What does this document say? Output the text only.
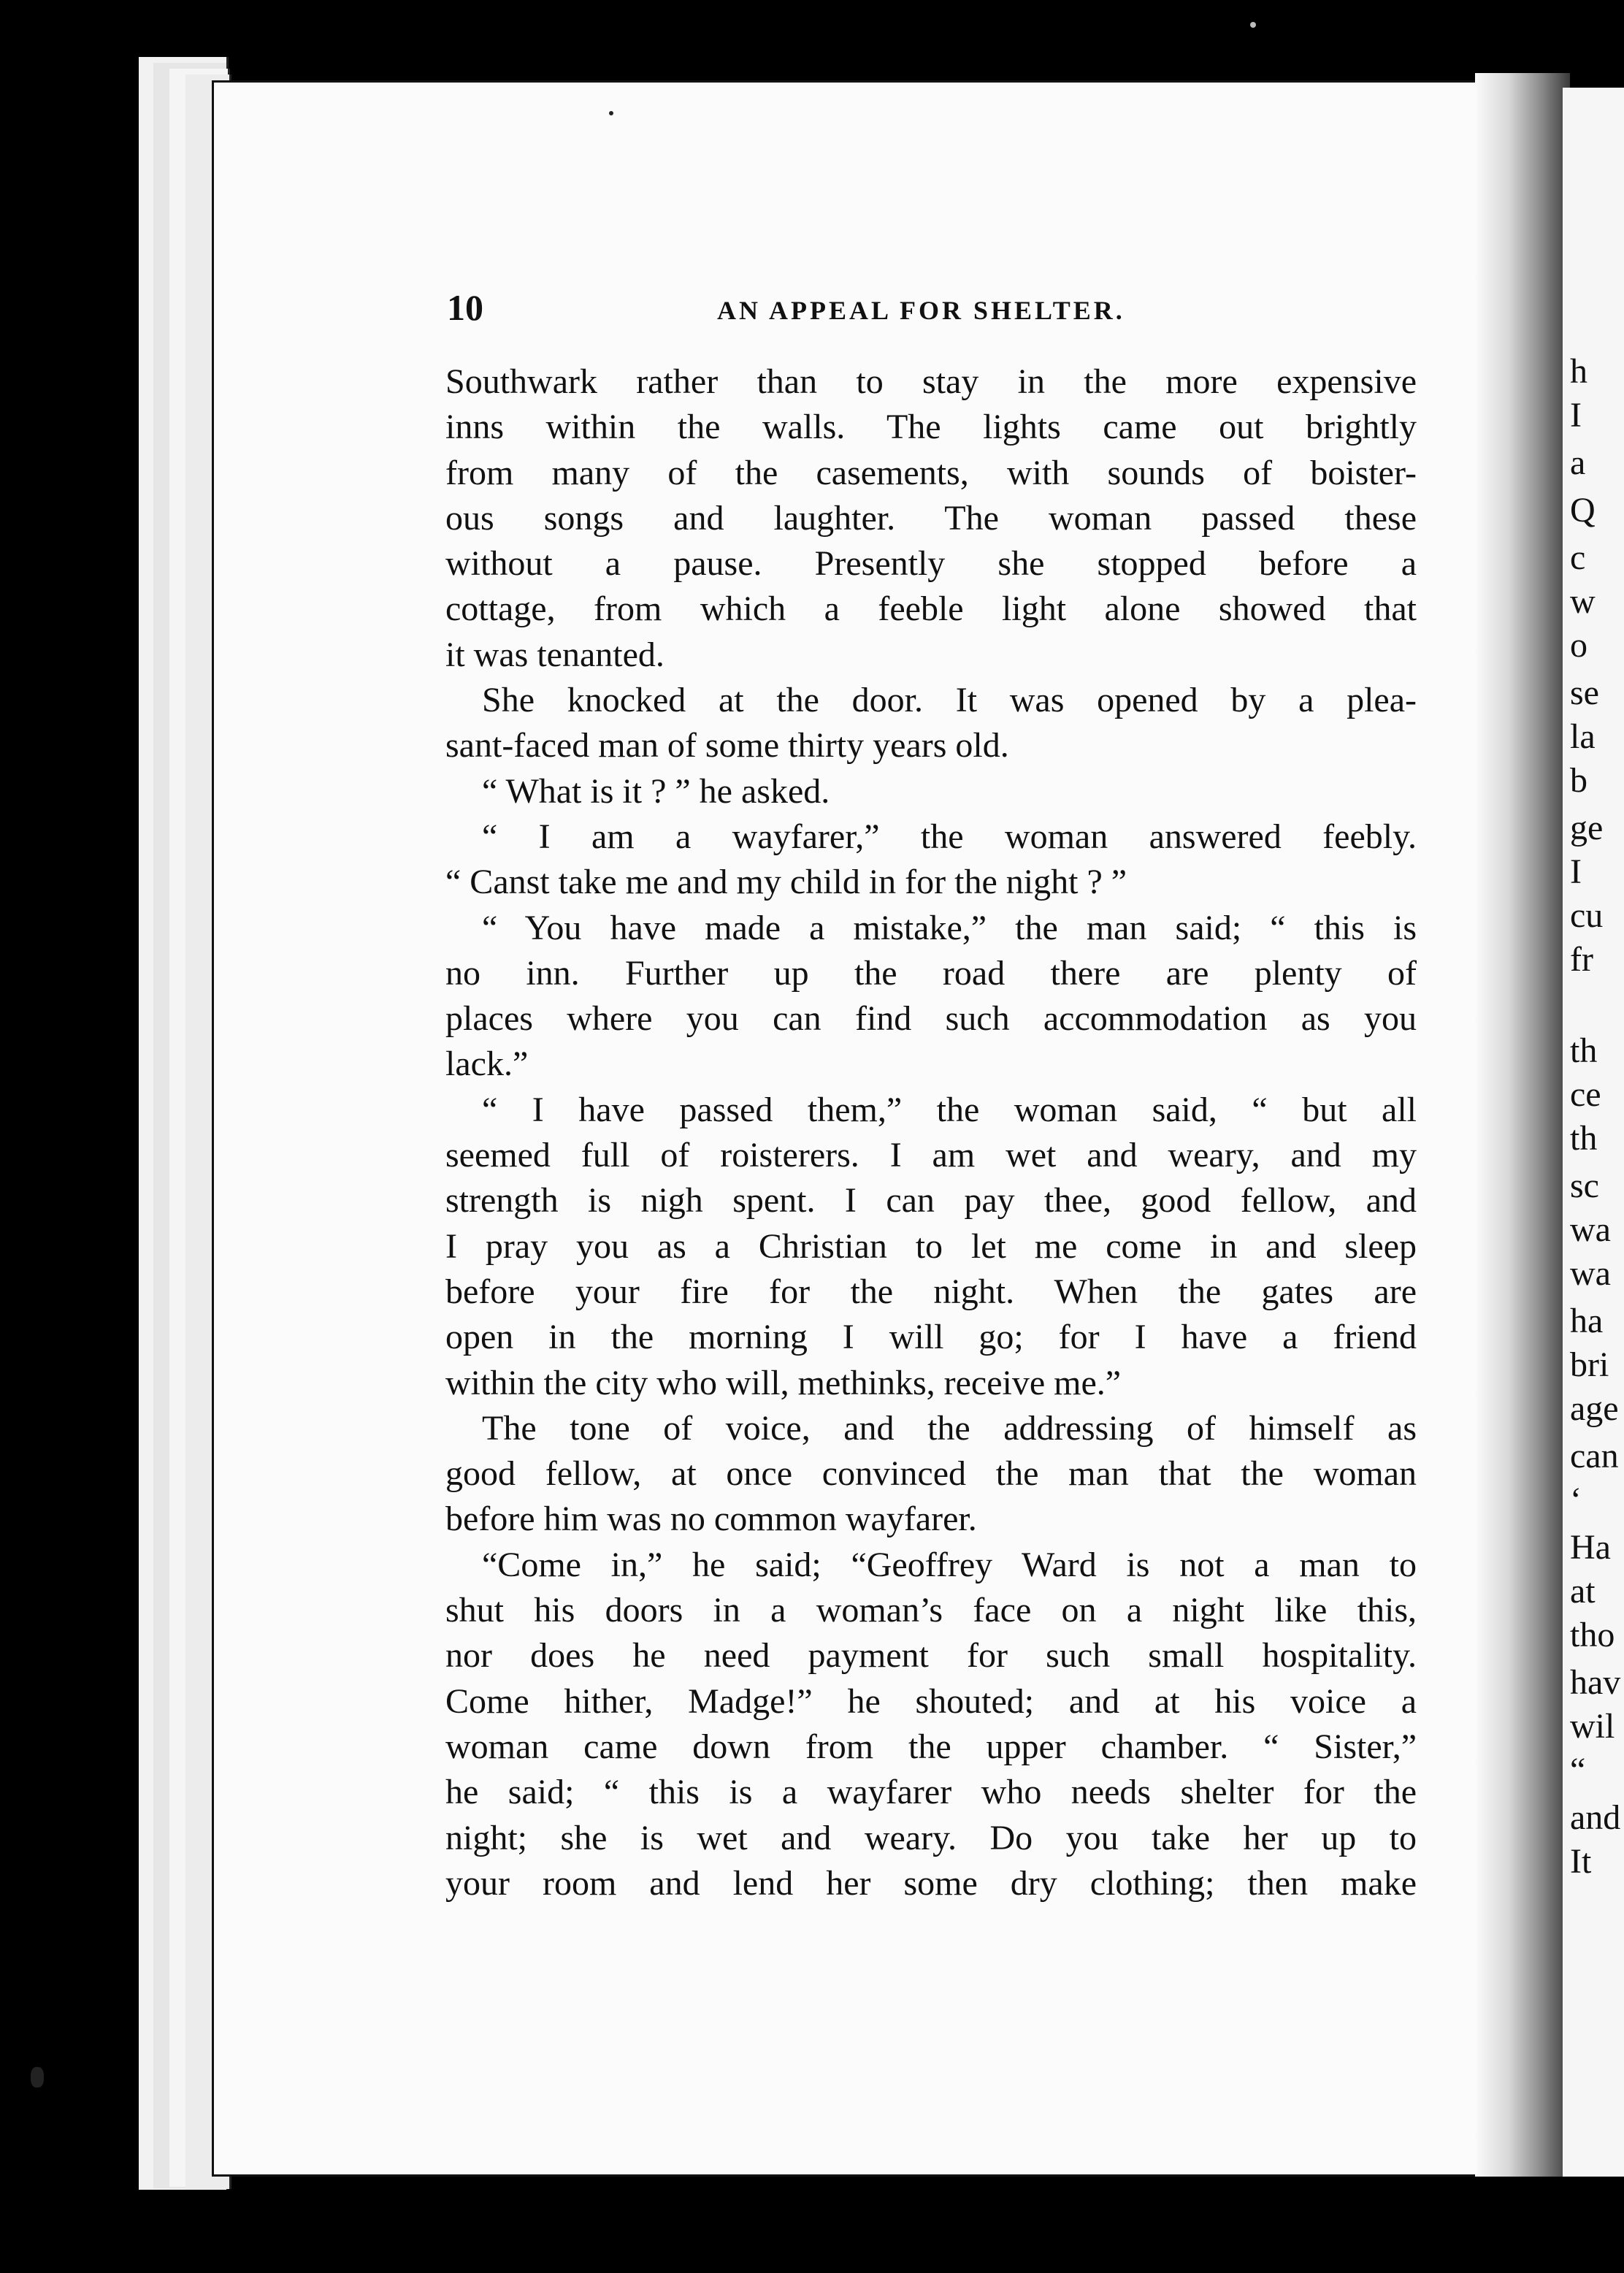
h
I
a
Q
c
w
o
se
la
b
ge
I
cu
fr
th
ce
th
sc
wa
wa
ha
bri
age
can
‘
Ha
at
tho
hav
wil
“
and
It
10	AN APPEAL FOR SHELTER.
Southwark rather than to stay in the more expensive
inns within the walls. The lights came out brightly
from many of the casements, with sounds of boister-
ous songs and laughter. The woman passed these
without a pause. Presently she stopped before a
cottage, from which a feeble light alone showed that
it was tenanted.
She knocked at the door. It was opened by a plea-
sant-faced man of some thirty years old.
“ What is it ? ” he asked.
“ I am a wayfarer,” the woman answered feebly.
“ Canst take me and my child in for the night ? ”
“ You have made a mistake,” the man said; “ this is
no inn. Further up the road there are plenty of
places where you can find such accommodation as you
lack.”
“ I have passed them,” the woman said, “ but all
seemed full of roisterers. I am wet and weary, and my
strength is nigh spent. I can pay thee, good fellow, and
I pray you as a Christian to let me come in and sleep
before your fire for the night. When the gates are
open in the morning I will go; for I have a friend
within the city who will, methinks, receive me.”
The tone of voice, and the addressing of himself as
good fellow, at once convinced the man that the woman
before him was no common wayfarer.
“Come in,” he said; “Geoffrey Ward is not a man to
shut his doors in a woman’s face on a night like this,
nor does he need payment for such small hospitality.
Come hither, Madge!” he shouted; and at his voice a
woman came down from the upper chamber. “ Sister,”
he said; “ this is a wayfarer who needs shelter for the
night; she is wet and weary. Do you take her up to
your room and lend her some dry clothing; then make
